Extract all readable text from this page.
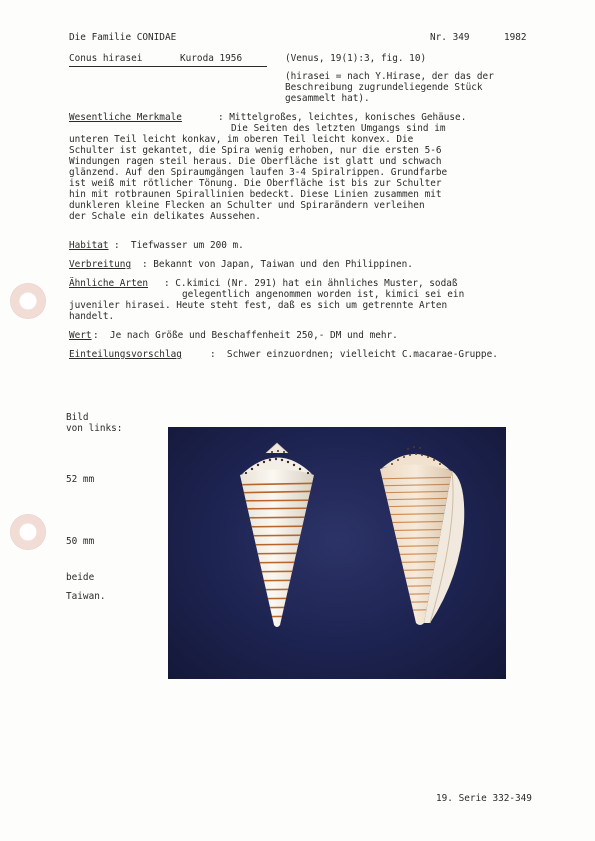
Die Familie CONIDAE	Nr. 349	1982
Conus hirasei	Kuroda 1956	(Venus, 19(1):3, fig. 10)
(hirasei = nach Y.Hirase, der das der
Beschreibung zugrundeliegende Stück
gesammelt hat).
Wesentliche Merkmale	: Mittelgroßes, leichtes, konisches Gehäuse.
Die Seiten des letzten Umgangs sind im
unteren Teil leicht konkav, im oberen Teil leicht konvex. Die
Schulter ist gekantet, die Spira wenig erhoben, nur die ersten 5-6
Windungen ragen steil heraus. Die Oberfläche ist glatt und schwach
glänzend. Auf den Spiraumgängen laufen 3-4 Spiralrippen. Grundfarbe
ist weiß mit rötlicher Tönung. Die Oberfläche ist bis zur Schulter
hin mit rotbraunen Spirallinien bedeckt. Diese Linien zusammen mit
dunkleren kleine Flecken an Schulter und Spirarändern verleihen
der Schale ein delikates Aussehen.
Habitat :  Tiefwasser um 200 m.
Verbreitung : Bekannt von Japan, Taiwan und den Philippinen.
Ähnliche Arten : C.kimici (Nr. 291) hat ein ähnliches Muster, sodaß
gelegentlich angenommen worden ist, kimici sei ein
juveniler hirasei. Heute steht fest, daß es sich um getrennte Arten
handelt.
Wert :  Je nach Größe und Beschaffenheit 250,- DM und mehr.
Einteilungsvorschlag	:  Schwer einzuordnen; vielleicht C.macarae-Gruppe.
Bild
von links:
52 mm
50 mm
beide
Taiwan.
19. Serie 332-349
